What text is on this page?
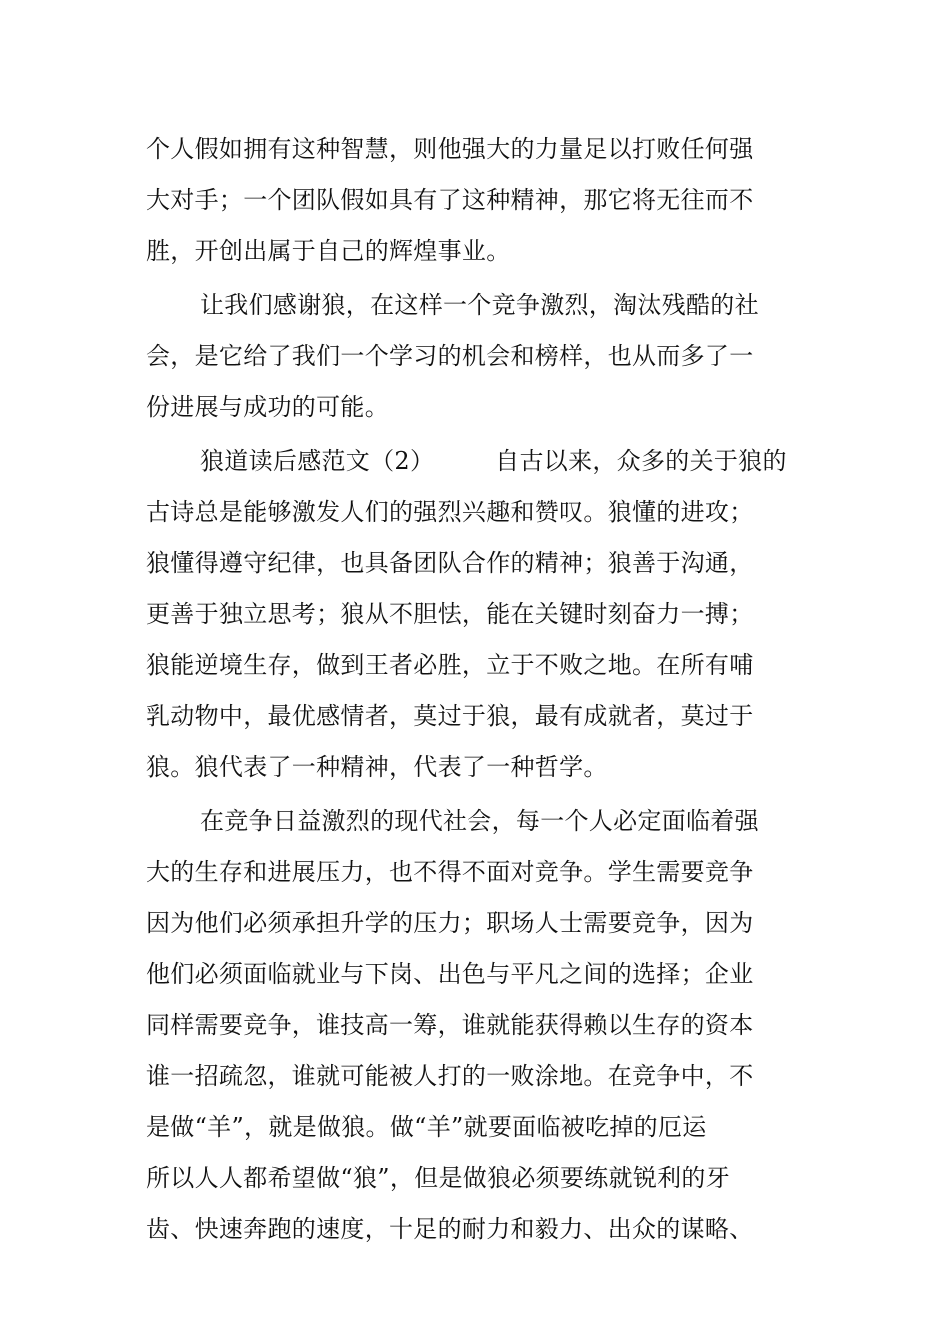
个人假如拥有这种智慧，则他强大的力量足以打败任何强
大对手；一个团队假如具有了这种精神，那它将无往而不
胜，开创出属于自己的辉煌事业。
让我们感谢狼，在这样一个竞争激烈，淘汰残酷的社
会，是它给了我们一个学习的机会和榜样，也从而多了一
份进展与成功的可能。
狼道读后感范文（2）　　　自古以来，众多的关于狼的
古诗总是能够激发人们的强烈兴趣和赞叹。狼懂的进攻；
狼懂得遵守纪律，也具备团队合作的精神；狼善于沟通，
更善于独立思考；狼从不胆怯，能在关键时刻奋力一搏；
狼能逆境生存，做到王者必胜，立于不败之地。在所有哺
乳动物中，最优感情者，莫过于狼，最有成就者，莫过于
狼。狼代表了一种精神，代表了一种哲学。
在竞争日益激烈的现代社会，每一个人必定面临着强
大的生存和进展压力，也不得不面对竞争。学生需要竞争
因为他们必须承担升学的压力；职场人士需要竞争，因为
他们必须面临就业与下岗、出色与平凡之间的选择；企业
同样需要竞争，谁技高一筹，谁就能获得赖以生存的资本
谁一招疏忽，谁就可能被人打的一败涂地。在竞争中，不
是做“羊”，就是做狼。做“羊”就要面临被吃掉的厄运
所以人人都希望做“狼”，但是做狼必须要练就锐利的牙
齿、快速奔跑的速度，十足的耐力和毅力、出众的谋略、
